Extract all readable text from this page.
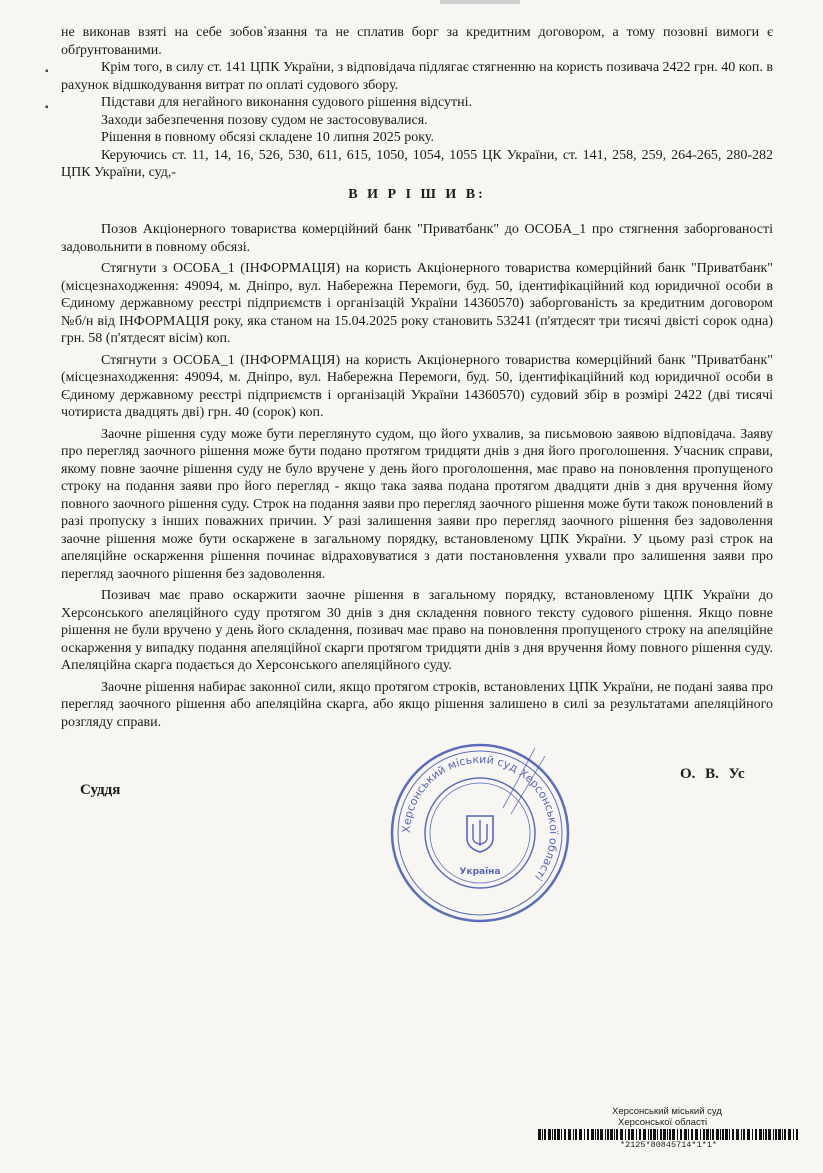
▪
▪

не виконав взяті на себе зобов`язання та не сплатив борг за кредитним договором, а тому позовні вимоги є обґрунтованими.

Крім того, в силу ст. 141 ЦПК України, з відповідача підлягає стягненню на користь позивача 2422 грн. 40 коп. в рахунок відшкодування витрат по оплаті судового збору.

Підстави для негайного виконання судового рішення відсутні.

Заходи забезпечення позову судом не застосовувалися.

Рішення в повному обсязі складене 10 липня 2025 року.

Керуючись ст. 11, 14, 16, 526, 530, 611, 615, 1050, 1054, 1055 ЦК України, ст. 141, 258, 259, 264-265, 280-282 ЦПК України, суд,-

В И Р І Ш И В:

Позов Акціонерного товариства комерційний банк "Приватбанк" до ОСОБА_1 про стягнення заборгованості задовольнити в повному обсязі.

Стягнути з ОСОБА_1 (ІНФОРМАЦІЯ) на користь Акціонерного товариства комерційний банк "Приватбанк" (місцезнаходження: 49094, м. Дніпро, вул. Набережна Перемоги, буд. 50, ідентифікаційний код юридичної особи в Єдиному державному реєстрі підприємств і організацій України 14360570) заборгованість за кредитним договором №б/н від ІНФОРМАЦІЯ року, яка станом на 15.04.2025 року становить 53241 (п'ятдесят три тисячі двісті сорок одна) грн. 58 (п'ятдесят вісім) коп.

Стягнути з ОСОБА_1 (ІНФОРМАЦІЯ) на користь Акціонерного товариства комерційний банк "Приватбанк" (місцезнаходження: 49094, м. Дніпро, вул. Набережна Перемоги, буд. 50, ідентифікаційний код юридичної особи в Єдиному державному реєстрі підприємств і організацій України 14360570) судовий збір в розмірі 2422 (дві тисячі чотириста двадцять дві) грн. 40 (сорок) коп.

Заочне рішення суду може бути переглянуто судом, що його ухвалив, за письмовою заявою відповідача. Заяву про перегляд заочного рішення може бути подано протягом тридцяти днів з дня його проголошення. Учасник справи, якому повне заочне рішення суду не було вручене у день його проголошення, має право на поновлення пропущеного строку на подання заяви про його перегляд - якщо така заява подана протягом двадцяти днів з дня вручення йому повного заочного рішення суду. Строк на подання заяви про перегляд заочного рішення може бути також поновлений в разі пропуску з інших поважних причин. У разі залишення заяви про перегляд заочного рішення без задоволення заочне рішення може бути оскаржене в загальному порядку, встановленому ЦПК України. У цьому разі строк на апеляційне оскарження рішення починає відраховуватися з дати постановлення ухвали про залишення заяви про перегляд заочного рішення без задоволення.

Позивач має право оскаржити заочне рішення в загальному порядку, встановленому ЦПК України до Херсонського апеляційного суду протягом 30 днів з дня складення повного тексту судового рішення. Якщо повне рішення не були вручено у день його складення, позивач має право на поновлення пропущеного строку на апеляційне оскарження у випадку подання апеляційної скарги протягом тридцяти днів з дня вручення йому повного рішення суду. Апеляційна скарга подається до Херсонського апеляційного суду.

Заочне рішення набирає законної сили, якщо протягом строків, встановлених ЦПК України, не подані заява про перегляд заочного рішення або апеляційна скарга, або якщо рішення залишено в силі за результатами апеляційного розгляду справи.

Суддя
О. В. Ус
Херсонський міський суд Херсонської області
Україна
Херсонський міський суд
Херсонської області
*2125*80845714*1*1*
